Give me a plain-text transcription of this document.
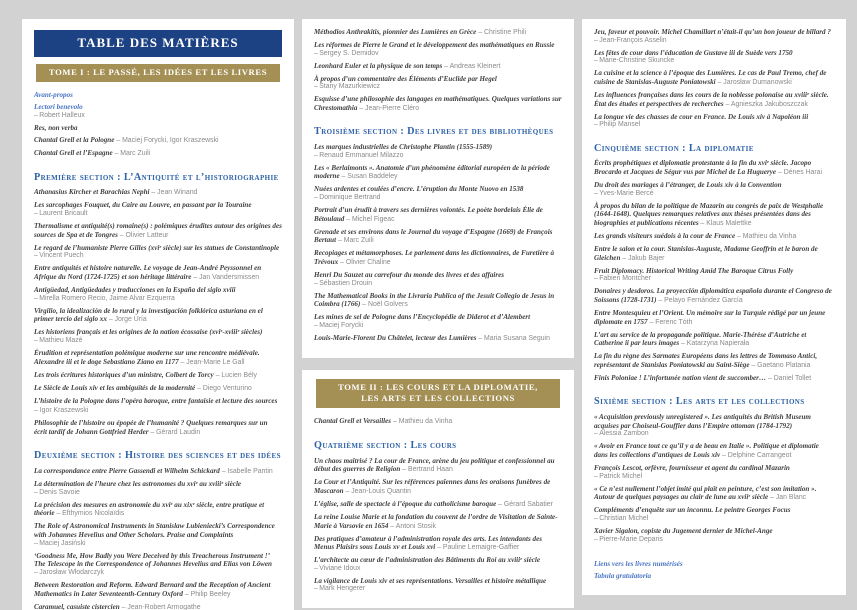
TABLE DES MATIÈRES
TOME I : LE PASSÉ, LES IDÉES ET LES LIVRES
Avant-propos
Lectori benevolo
– Robert Halleux
Res, non verba
Chantal Grell et la Pologne – Maciej Forycki, Igor Kraszewski
Chantal Grell et l’Espagne – Marc Zuili
Première section : L’Antiquité et l’historiographie
Athanasius Kircher et Barachias Nephi – Jean Winand
Les sarcophages Fouquet, du Caire au Louvre, en passant par la Touraine
– Laurent Bricault
Thermalisme et antiquité(s) romaine(s) : polémiques érudites autour des origines des sources de Spa et de Tongres – Olivier Latteur
Le regard de l’humaniste Pierre Gilles (xviᵉ siècle) sur les statues de Constantinople
– Vincent Puech
Entre antiquités et histoire naturelle. Le voyage de Jean-André Peyssonnel en Afrique du Nord (1724-1725) et son héritage littéraire – Jan Vandersmissen
Antigüedad, Antigüedades y traducciones en la España del siglo xviii
– Mirella Romero Recio, Jaime Alvar Ezquerra
Virgilio, la idealización de lo rural y la investigación folklórica asturiana en el primer tercio del siglo xx – Jorge Uría
Les historiens français et les origines de la nation écossaise (xviᵉ-xviiiᵉ siècles)
– Mathieu Mazé
Érudition et représentation polémique moderne sur une rencontre médiévale. Alexandre iii et le doge Sebastiano Ziano en 1177 – Jean-Marie Le Gall
Les trois écritures historiques d’un ministre, Colbert de Torcy – Lucien Bély
Le Siècle de Louis xiv et les ambiguïtés de la modernité – Diego Venturino
L’histoire de la Pologne dans l’opéra baroque, entre fantaisie et lecture des sources – Igor Kraszewski
Philosophie de l’histoire ou épopée de l’humanité ? Quelques remarques sur un écrit tardif de Johann Gottfried Herder – Gérard Laudin
Deuxième section : Histoire des sciences et des idées
La correspondance entre Pierre Gassendi et Wilhelm Schickard – Isabelle Pantin
La détermination de l’heure chez les astronomes du xviᵉ au xviiiᵉ siècle
– Denis Savoie
La précision des mesures en astronomie du xviᵉ au xixᵉ siècle, entre pratique et théorie – Efthymios Nicolaïdis
The Role of Astronomical Instruments in Stanislaw Lubieniecki’s Correspondence with Johannes Hevelius and Other Scholars. Praise and Complaints
– Maciej Jasiński
‘Goodness Me, How Badly you Were Deceived by this Treacherous Instrument !’ The Telescope in the Correspondence of Johannes Hevelius and Elias von Löwen
– Jarosław Włodarczyk
Between Restoration and Reform. Edward Bernard and the Reception of Ancient Mathematics in Later Seventeenth-Century Oxford – Philip Beeley
Caramuel, casuiste cistercien – Jean-Robert Armogathe
Méthodios Anthrakitis, pionnier des Lumières en Grèce – Christine Phili
Les réformes de Pierre le Grand et le développement des mathématiques en Russie
– Sergey S. Demidov
Leonhard Euler et la physique de son temps – Andreas Kleinert
À propos d’un commentaire des Éléments d’Euclide par Hegel
– Stany Mazurkiewicz
Esquisse d’une philosophie des langages en mathématiques. Quelques variations sur Chrestomathia – Jean-Pierre Cléro
Troisième section : Des livres et des bibliothèques
Les marques industrielles de Christophe Plantin (1555-1589)
– Renaud Emmanuel Milazzo
Les « Berlaimonts ». Anatomie d’un phénomène éditorial européen de la période moderne – Susan Baddeley
Nuées ardentes et coulées d’encre. L’éruption du Monte Nuovo en 1538
– Dominique Bertrand
Portrait d’un érudit à travers ses dernières volontés. Le poète bordelais Élie de Bétoulaud – Michel Figeac
Grenade et ses environs dans le Journal du voyage d’Espagne (1669) de François Bertaut – Marc Zuili
Recopiages et métamorphoses. Le parlement dans les dictionnaires, de Furetière à Trévoux – Olivier Chaline
Henri Du Sauzet au carrefour du monde des livres et des affaires
– Sébastien Drouin
The Mathematical Books in the Livraria Publica of the Jesuit Collegio de Jesus in Coimbra (1766) – Noël Golvers
Les mines de sel de Pologne dans l’Encyclopédie de Diderot et d’Alembert
– Maciej Forycki
Louis-Marie-Florent Du Châtelet, lecteur des Lumières – Maria Susana Seguin
TOME II : LES COURS ET LA DIPLOMATIE,
LES ARTS ET LES COLLECTIONS
Chantal Grell et Versailles – Mathieu da Vinha
Quatrième section : Les cours
Un chaos maîtrisé ? La cour de France, arène du jeu politique et confessionnel au début des guerres de Religion – Bertrand Haan
La Cour et l’Antiquité. Sur les références païennes dans les oraisons funèbres de Mascaron – Jean-Louis Quantin
L’église, salle de spectacle à l’époque du catholicisme baroque – Gérard Sabatier
La reine Louise Marie et la fondation du couvent de l’ordre de Visitation de Sainte-Marie à Varsovie en 1654 – Antoni Stosik
Des pratiques d’amateur à l’administration royale des arts. Les intendants des Menus Plaisirs sous Louis xv et Louis xvi – Pauline Lemaigre-Gaffier
L’architecte au cœur de l’administration des Bâtiments du Roi au xviiiᵉ siècle
– Viviane Idoux
La vigilance de Louis xiv et ses représentations. Versailles et histoire métallique
– Mark Hengerer
Jeu, faveur et pouvoir. Michel Chamillart n’était-il qu’un bon joueur de billard ?
– Jean-François Asselin
Les fêtes de cour dans l’éducation de Gustave iii de Suède vers 1750
– Marie-Christine Skuncke
La cuisine et la science à l’époque des Lumières. Le cas de Paul Tremo, chef de cuisine de Stanislas-Auguste Poniatowski – Jarosław Dumanowski
Les influences françaises dans les cours de la noblesse polonaise au xviiiᵉ siècle. État des études et perspectives de recherches – Agnieszka Jakuboszczak
La longue vie des chasses de cour en France. De Louis xiv à Napoléon iii
– Philip Mansel
Cinquième section : La diplomatie
Écrits prophétiques et diplomatie protestante à la fin du xviᵉ siècle. Jacopo Brocardo et Jacques de Ségur vus par Michel de La Huguerye – Dénes Harai
Du droit des mariages à l’étranger, de Louis xiv à la Convention
– Yves-Marie Bercé
À propos du bilan de la politique de Mazarin au congrès de paix de Westphalie (1644-1648). Quelques remarques relatives aux thèses présentées dans des biographies et publications récentes – Klaus Malettke
Les grands visiteurs suédois à la cour de France – Mathieu da Vinha
Entre le salon et la cour. Stanislas-Auguste, Madame Geoffrin et le baron de Gleichen – Jakub Bajer
Fruit Diplomacy. Historical Writing Amid The Baroque Citrus Folly
– Fabien Montcher
Donaires y desdoros. La proyección diplomática española durante el Congreso de Soissons (1728-1731) – Pelayo Fernández García
Entre Montesquieu et l’Orient. Un mémoire sur la Turquie rédigé par un jeune diplomate en 1757 – Ferenc Tóth
L’art au service de la propagande politique. Marie-Thérèse d’Autriche et Catherine ii par leurs images – Katarzyna Napierała
La fin du règne des Sarmates Européens dans les lettres de Tommaso Antici, représentant de Stanislas Poniatowski au Saint-Siège – Gaetano Platania
Finis Poloniae ! L’infortunée nation vient de succomber… – Daniel Tollet
Sixième section : Les arts et les collections
« Acquisition previously unregistered ». Les antiquités du British Museum acquises par Choiseul-Gouffier dans l’Empire ottoman (1784-1792)
– Alessia Zambon
« Avoir en France tout ce qu’il y a de beau en Italie ». Politique et diplomatie dans les collections d’antiques de Louis xiv – Delphine Carrangeot
François Lescot, orfèvre, fournisseur et agent du cardinal Mazarin
– Patrick Michel
« Ce n’est nullement l’objet imité qui plaît en peinture, c’est son imitation ». Autour de quelques paysages au clair de lune au xviiᵉ siècle – Jan Blanc
Compléments d’enquête sur un inconnu. Le peintre Georges Focus
– Christian Michel
Xavier Sigalon, copiste du Jugement dernier de Michel-Ange
– Pierre-Marie Deparis
Liens vers les livres numérisés
Tabula gratulatoria
